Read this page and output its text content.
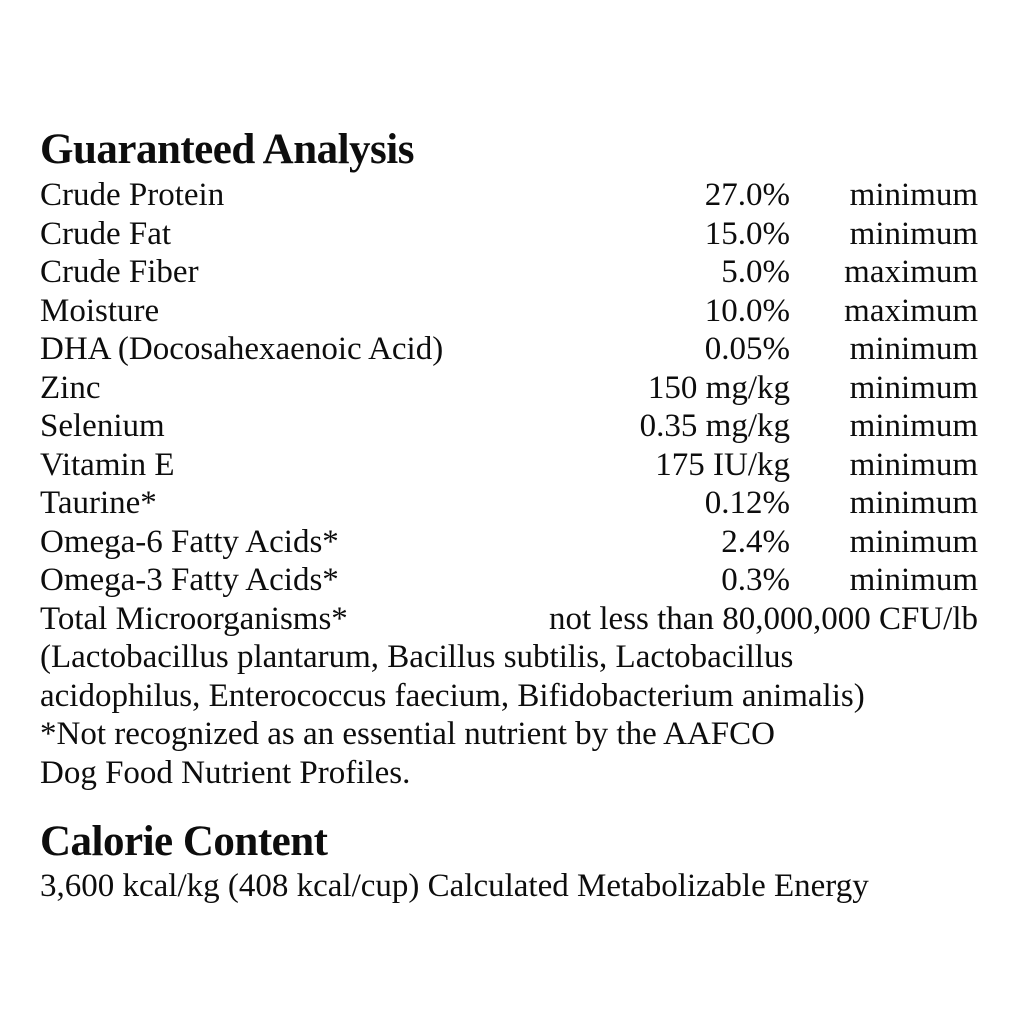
Guaranteed Analysis
Crude Protein	27.0%	minimum
Crude Fat	15.0%	minimum
Crude Fiber	5.0%	maximum
Moisture	10.0%	maximum
DHA (Docosahexaenoic Acid)	0.05%	minimum
Zinc	150 mg/kg	minimum
Selenium	0.35 mg/kg	minimum
Vitamin E	175 IU/kg	minimum
Taurine*	0.12%	minimum
Omega-6 Fatty Acids*	2.4%	minimum
Omega-3 Fatty Acids*	0.3%	minimum
Total Microorganisms*	not less than 80,000,000 CFU/lb
(Lactobacillus plantarum, Bacillus subtilis, Lactobacillus
acidophilus, Enterococcus faecium, Bifidobacterium animalis)
*Not recognized as an essential nutrient by the AAFCO
Dog Food Nutrient Profiles.
Calorie Content
3,600 kcal/kg (408 kcal/cup) Calculated Metabolizable Energy
